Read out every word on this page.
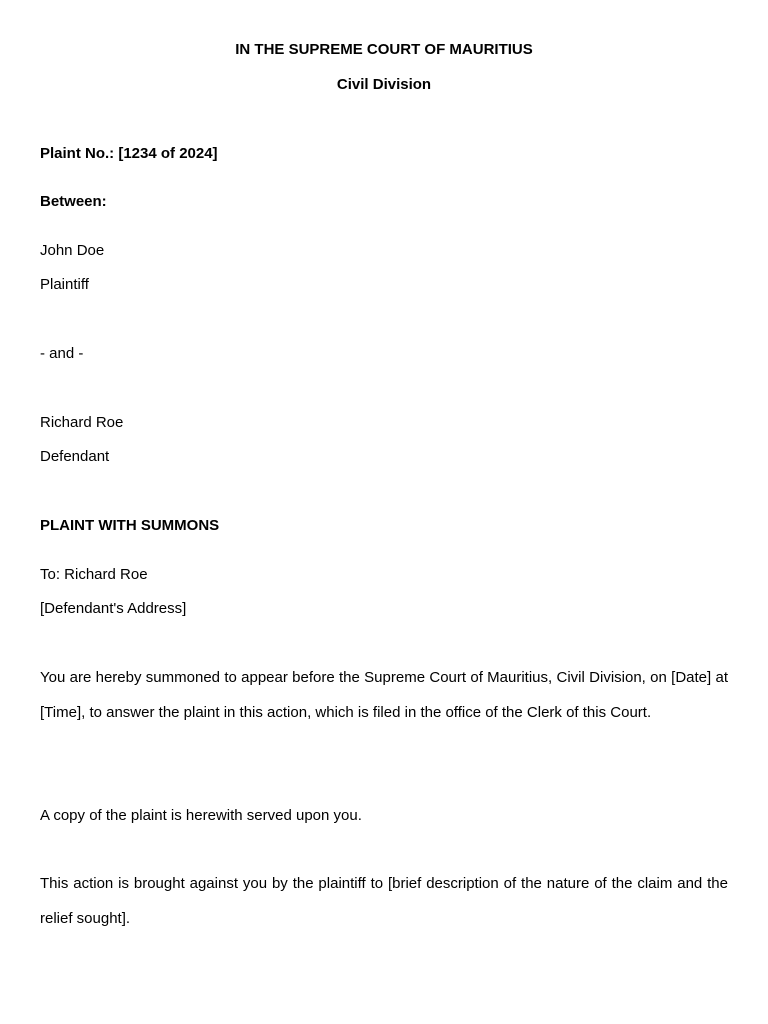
IN THE SUPREME COURT OF MAURITIUS
Civil Division
Plaint No.: [1234 of 2024]
Between:
John Doe
Plaintiff
- and -
Richard Roe
Defendant
PLAINT WITH SUMMONS
To: Richard Roe
[Defendant's Address]
You are hereby summoned to appear before the Supreme Court of Mauritius, Civil Division, on [Date] at [Time], to answer the plaint in this action, which is filed in the office of the Clerk of this Court.
A copy of the plaint is herewith served upon you.
This action is brought against you by the plaintiff to [brief description of the nature of the claim and the relief sought].
